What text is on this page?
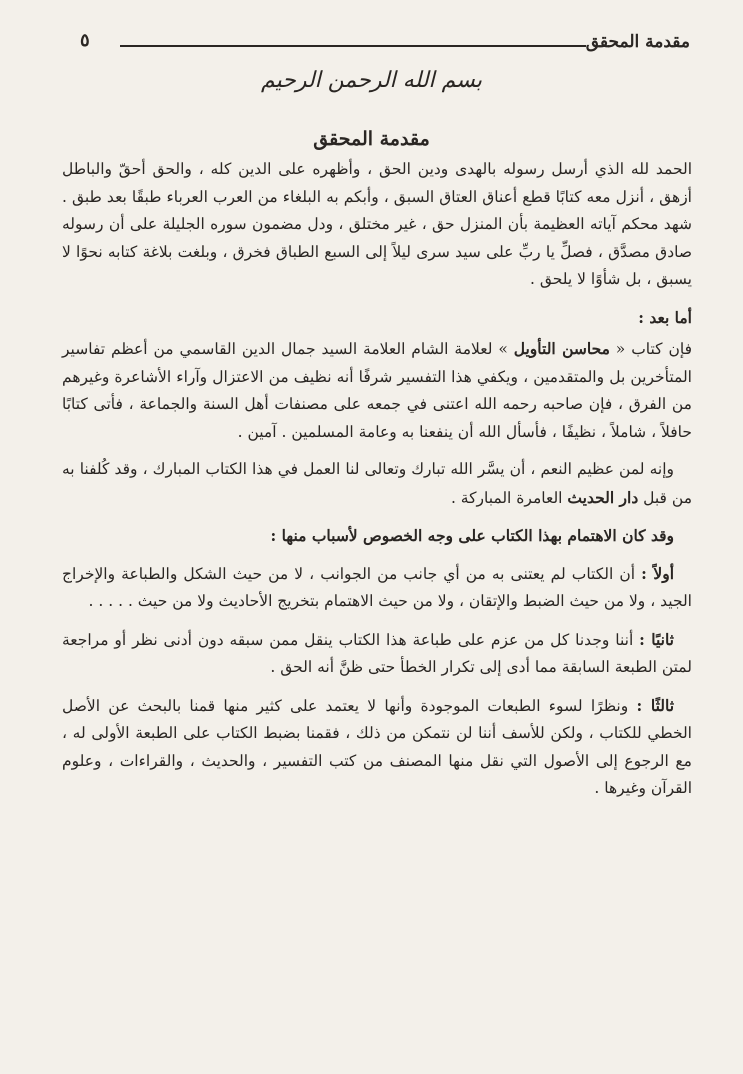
مقدمة المحقق
٥
بسم الله الرحمن الرحيم
مقدمة المحقق

الحمد لله الذي أرسل رسوله بالهدى ودين الحق ، وأظهره على الدين كله ، والحق أحقّ والباطل أزهق ، أنزل معه كتابًا قطع أعناق العتاق السبق ، وأبكم به البلغاء من العرب العرباء طبقًا بعد طبق . شهد محكم آياته العظيمة بأن المنزل حق ، غير مختلق ، ودل مضمون سوره الجليلة على أن رسوله صادق مصدَّق ، فصلِّ يا ربِّ على سيد سرى ليلاً إلى السبع الطباق فخرق ، وبلغت بلاغة كتابه نحوًا لا يسبق ، بل شأوًا لا يلحق .

أما بعد :

فإن كتاب « محاسن التأويل » لعلامة الشام العلامة السيد جمال الدين القاسمي من أعظم تفاسير المتأخرين بل والمتقدمين ، ويكفي هذا التفسير شرفًا أنه نظيف من الاعتزال وآراء الأشاعرة وغيرهم من الفرق ، فإن صاحبه رحمه الله اعتنى في جمعه على مصنفات أهل السنة والجماعة ، فأتى كتابًا حافلاً ، شاملاً ، نظيفًا ، فأسأل الله أن ينفعنا به وعامة المسلمين . آمين .

وإنه لمن عظيم النعم ، أن يسَّر الله تبارك وتعالى لنا العمل في هذا الكتاب المبارك ، وقد كُلفنا به من قبل دار الحديث العامرة المباركة .

وقد كان الاهتمام بهذا الكتاب على وجه الخصوص لأسباب منها :

أولاً : أن الكتاب لم يعتنى به من أي جانب من الجوانب ، لا من حيث الشكل والطباعة والإخراج الجيد ، ولا من حيث الضبط والإتقان ، ولا من حيث الاهتمام بتخريج الأحاديث ولا من حيث . . . . .

ثانيًا : أننا وجدنا كل من عزم على طباعة هذا الكتاب ينقل ممن سبقه دون أدنى نظر أو مراجعة لمتن الطبعة السابقة مما أدى إلى تكرار الخطأ حتى ظنَّ أنه الحق .

ثالثًا : ونظرًا لسوء الطبعات الموجودة وأنها لا يعتمد على كثير منها قمنا بالبحث عن الأصل الخطي للكتاب ، ولكن للأسف أننا لن نتمكن من ذلك ، فقمنا بضبط الكتاب على الطبعة الأولى له ، مع الرجوع إلى الأصول التي نقل منها المصنف من كتب التفسير ، والحديث ، والقراءات ، وعلوم القرآن وغيرها .
